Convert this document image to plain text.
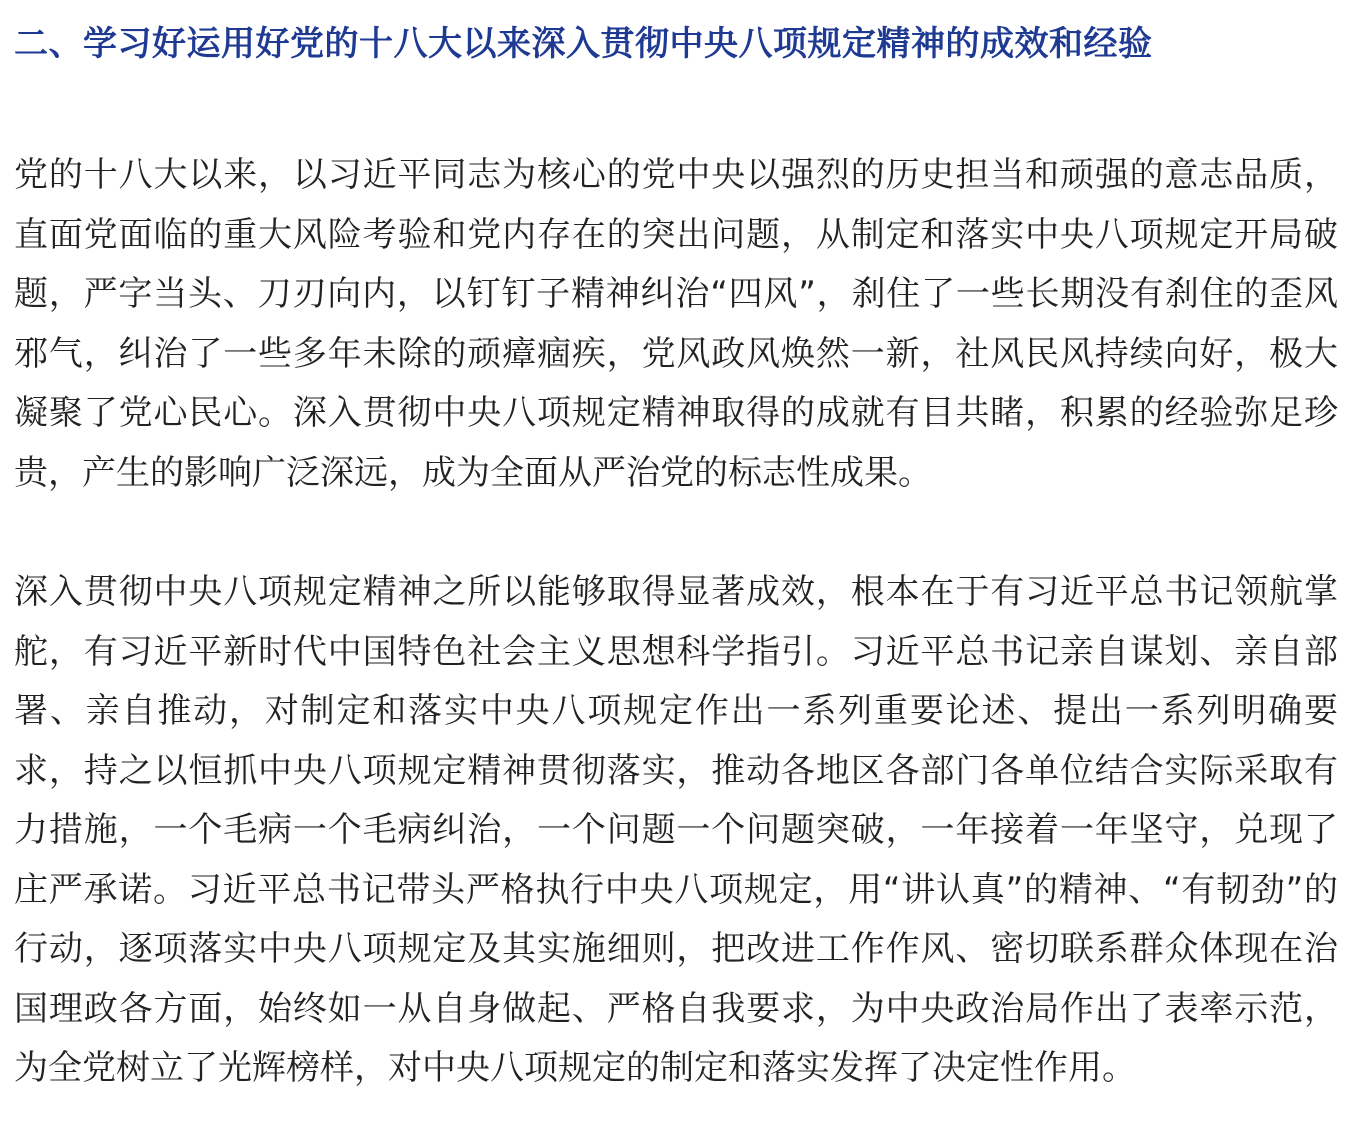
二、学习好运用好党的十八大以来深入贯彻中央八项规定精神的成效和经验

党的十八大以来，以习近平同志为核心的党中央以强烈的历史担当和顽强的意志品质，直面党面临的重大风险考验和党内存在的突出问题，从制定和落实中央八项规定开局破题，严字当头、刀刃向内，以钉钉子精神纠治“四风”，刹住了一些长期没有刹住的歪风邪气，纠治了一些多年未除的顽瘴痼疾，党风政风焕然一新，社风民风持续向好，极大凝聚了党心民心。深入贯彻中央八项规定精神取得的成就有目共睹，积累的经验弥足珍贵，产生的影响广泛深远，成为全面从严治党的标志性成果。

深入贯彻中央八项规定精神之所以能够取得显著成效，根本在于有习近平总书记领航掌舵，有习近平新时代中国特色社会主义思想科学指引。习近平总书记亲自谋划、亲自部署、亲自推动，对制定和落实中央八项规定作出一系列重要论述、提出一系列明确要求，持之以恒抓中央八项规定精神贯彻落实，推动各地区各部门各单位结合实际采取有力措施，一个毛病一个毛病纠治，一个问题一个问题突破，一年接着一年坚守，兑现了庄严承诺。习近平总书记带头严格执行中央八项规定，用“讲认真”的精神、“有韧劲”的行动，逐项落实中央八项规定及其实施细则，把改进工作作风、密切联系群众体现在治国理政各方面，始终如一从自身做起、严格自我要求，为中央政治局作出了表率示范，为全党树立了光辉榜样，对中央八项规定的制定和落实发挥了决定性作用。
